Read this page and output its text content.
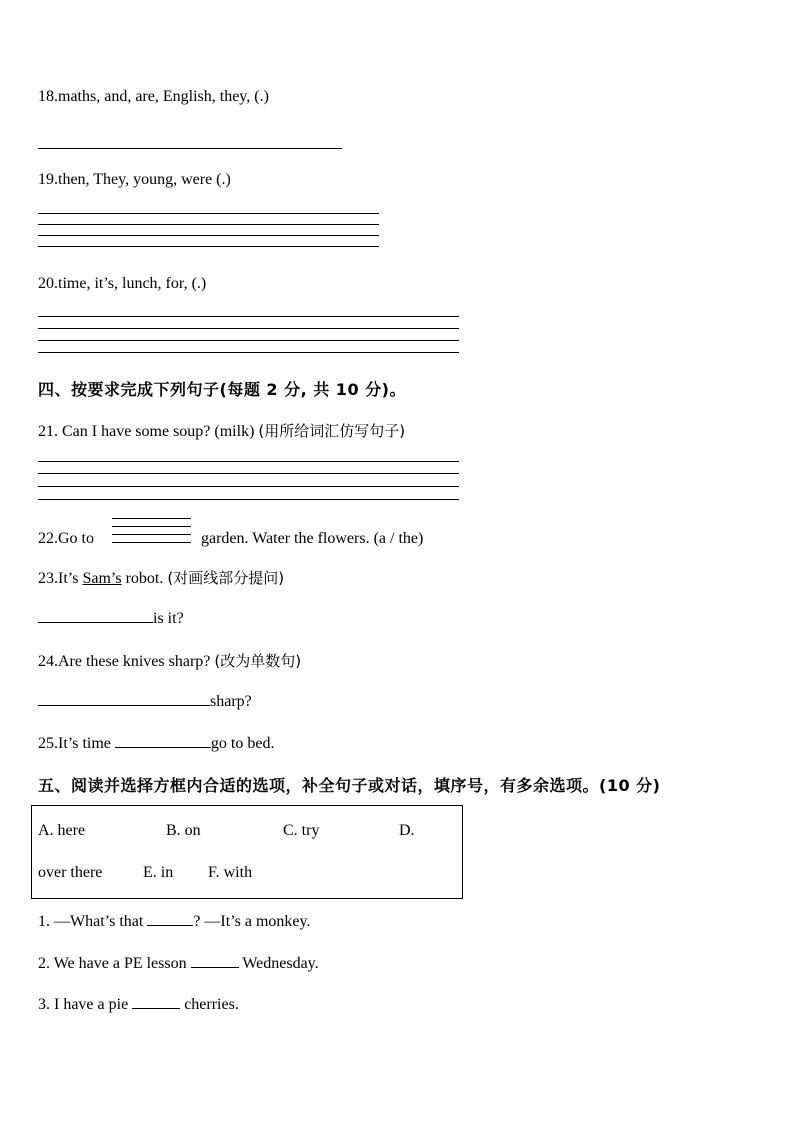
18.maths, and, are, English, they, (.)
19.then, They, young, were (.)
20.time, it’s, lunch, for, (.)
四、按要求完成下列句子(每题 2 分, 共 10 分)。
21. Can I have some soup? (milk) (用所给词汇仿写句子)
22.Go to	garden. Water the flowers. (a / the)
23.It’s Sam’s robot. (对画线部分提问)
is it?
24.Are these knives sharp? (改为单数句)
sharp?
25.It’s time	go to bed.
五、阅读并选择方框内合适的选项，补全句子或对话，填序号，有多余选项。(10 分)
A. here	B. on	C. try	D.
over there	E. in F. with
1. —What’s that	? —It’s a monkey.
2. We have a PE lesson	Wednesday.
3. I have a pie	cherries.
